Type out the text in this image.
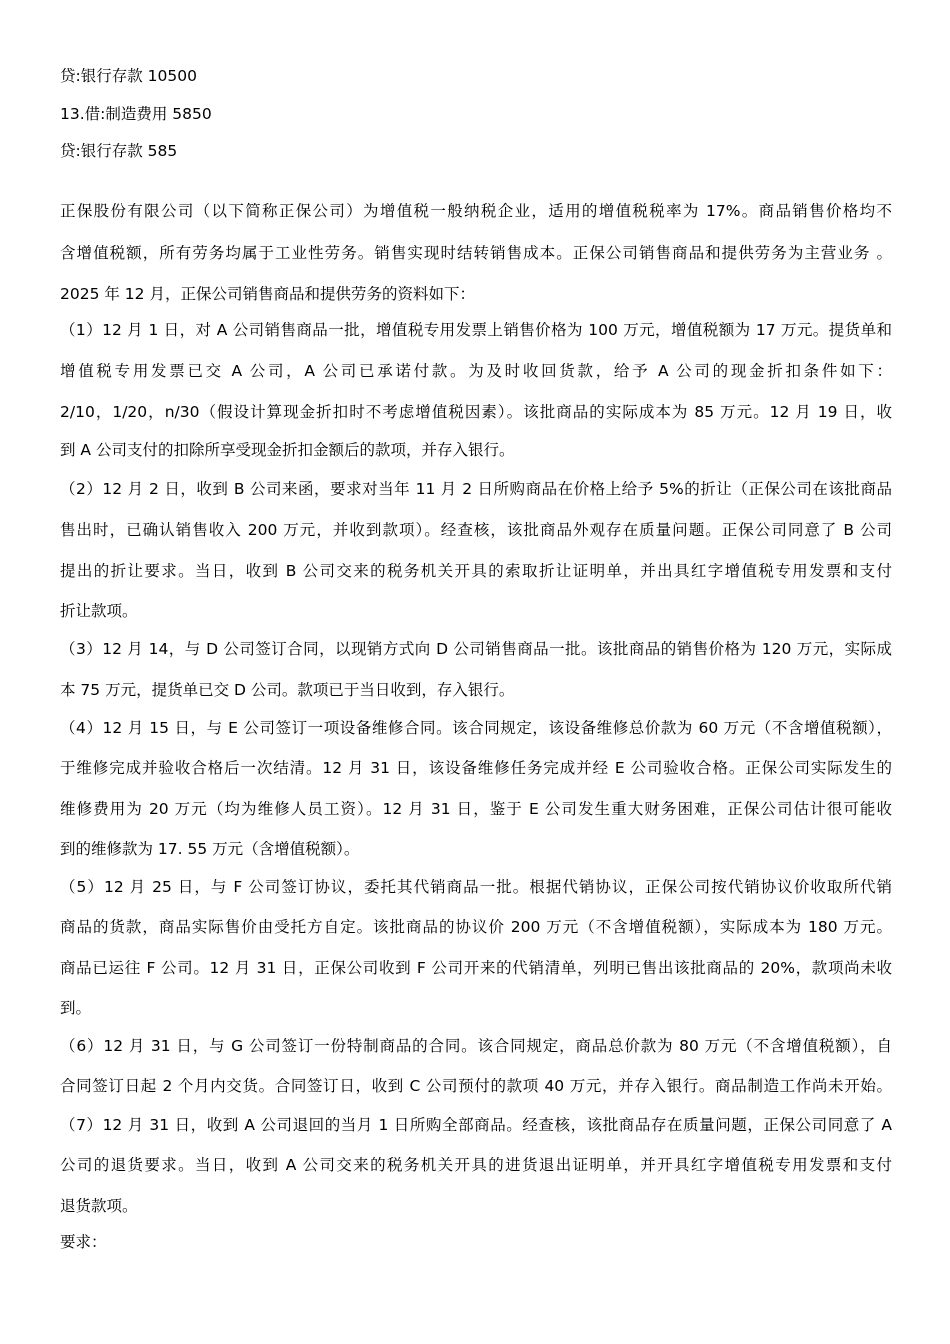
贷:银行存款 10500
13.借:制造费用 5850
贷:银行存款 585
正保股份有限公司（以下简称正保公司）为增值税一般纳税企业，适用的增值税税率为 17%。商品销售价格均不
含增值税额，所有劳务均属于工业性劳务。销售实现时结转销售成本。正保公司销售商品和提供劳务为主营业务 。
2025 年 12 月，正保公司销售商品和提供劳务的资料如下：
（1）12 月 1 日，对 A 公司销售商品一批，增值税专用发票上销售价格为 100 万元，增值税额为 17 万元。提货单和
增值税专用发票已交 A 公司，A 公司已承诺付款。为及时收回货款，给予 A 公司的现金折扣条件如下：
2/10，1/20，n/30（假设计算现金折扣时不考虑增值税因素）。该批商品的实际成本为 85 万元。12 月 19 日，收
到 A 公司支付的扣除所享受现金折扣金额后的款项，并存入银行。
（2）12 月 2 日，收到 B 公司来函，要求对当年 11 月 2 日所购商品在价格上给予 5%的折让（正保公司在该批商品
售出时，已确认销售收入 200 万元，并收到款项）。经查核，该批商品外观存在质量问题。正保公司同意了 B 公司
提出的折让要求。当日，收到 B 公司交来的税务机关开具的索取折让证明单，并出具红字增值税专用发票和支付
折让款项。
（3）12 月 14，与 D 公司签订合同，以现销方式向 D 公司销售商品一批。该批商品的销售价格为 120 万元，实际成
本 75 万元，提货单已交 D 公司。款项已于当日收到，存入银行。
（4）12 月 15 日，与 E 公司签订一项设备维修合同。该合同规定，该设备维修总价款为 60 万元（不含增值税额），
于维修完成并验收合格后一次结清。12 月 31 日，该设备维修任务完成并经 E 公司验收合格。正保公司实际发生的
维修费用为 20 万元（均为维修人员工资）。12 月 31 日，鉴于 E 公司发生重大财务困难，正保公司估计很可能收
到的维修款为 17. 55 万元（含增值税额）。
（5）12 月 25 日，与 F 公司签订协议，委托其代销商品一批。根据代销协议，正保公司按代销协议价收取所代销
商品的货款，商品实际售价由受托方自定。该批商品的协议价 200 万元（不含增值税额），实际成本为 180 万元。
商品已运往 F 公司。12 月 31 日，正保公司收到 F 公司开来的代销清单，列明已售出该批商品的 20%，款项尚未收
到。
（6）12 月 31 日，与 G 公司签订一份特制商品的合同。该合同规定，商品总价款为 80 万元（不含增值税额），自
合同签订日起 2 个月内交货。合同签订日，收到 C 公司预付的款项 40 万元，并存入银行。商品制造工作尚未开始。
（7）12 月 31 日，收到 A 公司退回的当月 1 日所购全部商品。经查核，该批商品存在质量问题，正保公司同意了 A
公司的退货要求。当日，收到 A 公司交来的税务机关开具的进货退出证明单，并开具红字增值税专用发票和支付
退货款项。
要求：
